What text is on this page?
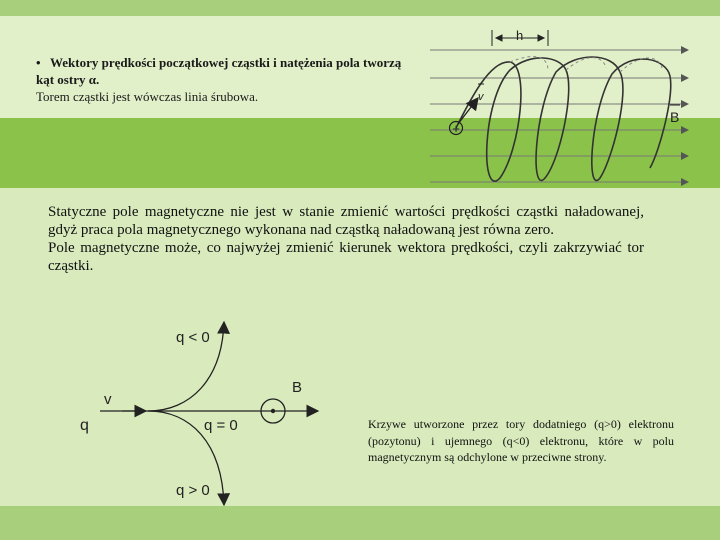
h
v
+
B
q < 0
q = 0
q > 0
v
q
B
• Wektory prędkości początkowej cząstki i natężenia pola tworzą kąt ostry α.
Torem cząstki jest wówczas linia śrubowa.
Statyczne pole magnetyczne nie jest w stanie zmienić wartości prędkości cząstki naładowanej, gdyż praca pola magnetycznego wykonana nad cząstką naładowaną jest równa zero.
Pole magnetyczne może, co najwyżej zmienić kierunek wektora prędkości, czyli zakrzywiać tor cząstki.
Krzywe utworzone przez tory dodatniego (q>0) elektronu (pozytonu) i ujemnego (q<0) elektronu, które w polu magnetycznym są odchylone w przeciwne strony.
